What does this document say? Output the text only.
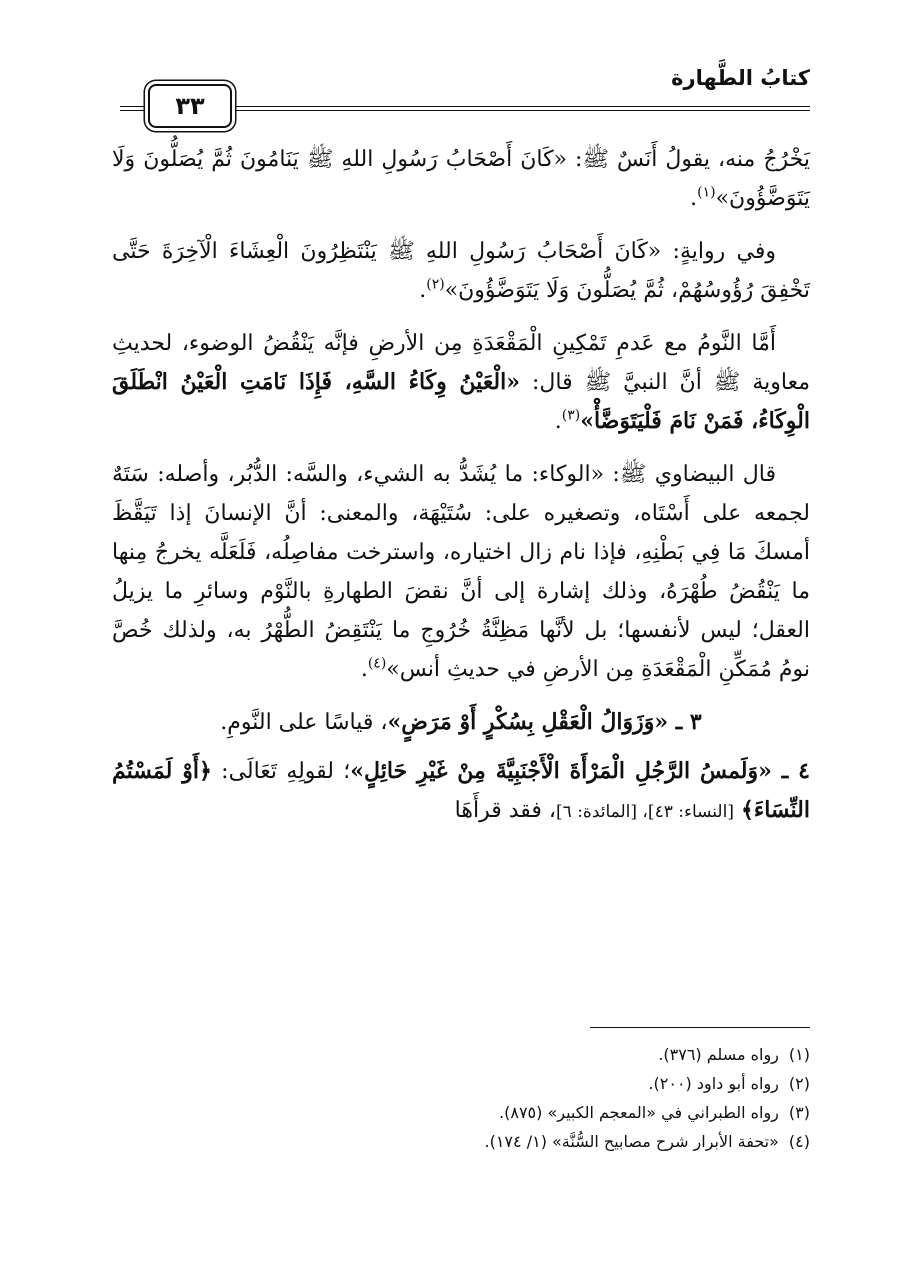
كتابُ الطَّهارة
٣٣

يَخْرُجُ منه، يقولُ أَنَسٌ ﷺ: «كَانَ أَصْحَابُ رَسُولِ اللهِ ﷺ يَنَامُونَ ثُمَّ يُصَلُّونَ وَلَا يَتَوَضَّؤُونَ»$^{(١)}$.

وفي روايةٍ: «كَانَ أَصْحَابُ رَسُولِ اللهِ ﷺ يَنْتَظِرُونَ الْعِشَاءَ الْآخِرَةَ حَتَّى تَخْفِقَ رُؤُوسُهُمْ، ثُمَّ يُصَلُّونَ وَلَا يَتَوَضَّؤُونَ»$^{(٢)}$.

أَمَّا النَّومُ مع عَدمِ تَمْكِينِ الْمَقْعَدَةِ مِن الأرضِ فإنَّه يَنْقُضُ الوضوء، لحديثِ معاوية ﷺ أنَّ النبيَّ ﷺ قال: «الْعَيْنُ وِكَاءُ السَّهِ، فَإِذَا نَامَتِ الْعَيْنُ انْطَلَقَ الْوِكَاءُ، فَمَنْ نَامَ فَلْيَتَوَضَّأْ»$^{(٣)}$.

قال البيضاوي ﷺ: «الوكاء: ما يُشَدُّ به الشيء، والسَّه: الدُّبُر، وأصله: سَتَهٌ لجمعه على أَسْتَاه، وتصغيره على: سُتَيْهَة، والمعنى: أنَّ الإنسانَ إذا تَيَقَّظَ أمسكَ مَا فِي بَطْنِهِ، فإذا نام زال اختياره، واسترخت مفاصِلُه، فَلَعَلَّه يخرجُ مِنها ما يَنْقُضُ طُهْرَهُ، وذلك إشارة إلى أنَّ نقضَ الطهارةِ بالنَّوْم وسائرِ ما يزيلُ العقل؛ ليس لأنفسها؛ بل لأنَّها مَظِنَّةُ خُرُوجِ ما يَنْتَقِضُ الطُّهْرُ به، ولذلك خُصَّ نومُ مُمَكِّنِ الْمَقْعَدَةِ مِن الأرضِ في حديثِ أنس»$^{(٤)}$.

٣ ـ «وَزَوَالُ الْعَقْلِ بِسُكْرٍ أَوْ مَرَضٍ»، قياسًا على النَّومِ.

٤ ـ «وَلَمسُ الرَّجُلِ الْمَرْأَةَ الْأَجْنَبِيَّةَ مِنْ غَيْرِ حَائِلٍ»؛ لقولِهِ تَعَالَى: ﴿أَوْ لَمَسْتُمُ النِّسَاءَ﴾ [النساء: ٤٣]، [المائدة: ٦]، فقد قرأَهَا

(١)رواه مسلم (٣٧٦).
(٢)رواه أبو داود (٢٠٠).
(٣)رواه الطبراني في «المعجم الكبير» (٨٧٥).
(٤)«تحفة الأبرار شرح مصابيح السُّنَّة» (١/ ١٧٤).
